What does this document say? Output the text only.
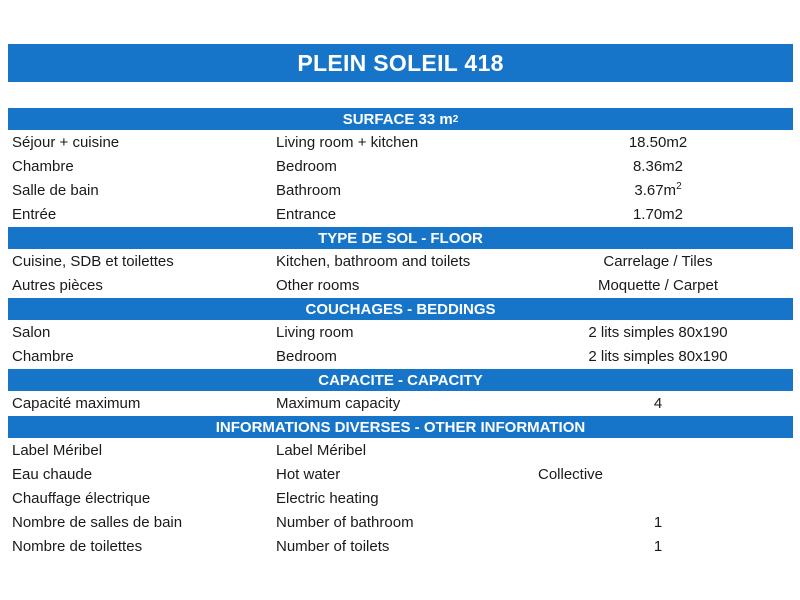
PLEIN SOLEIL 418
SURFACE 33 m 2
Séjour + cuisine	Living room + kitchen	18.50m2
Chambre	Bedroom	8.36m2
Salle de bain	Bathroom	$3.67m^2$
Entrée	Entrance	1.70m2
TYPE DE SOL - FLOOR
Cuisine, SDB et toilettes	Kitchen, bathroom and toilets	Carrelage / Tiles
Autres pièces	Other rooms	Moquette / Carpet
COUCHAGES - BEDDINGS
Salon	Living room	2 lits simples 80x190
Chambre	Bedroom	2 lits simples 80x190
CAPACITE - CAPACITY
Capacité maximum	Maximum capacity	4
INFORMATIONS DIVERSES - OTHER INFORMATION
Label Méribel	Label Méribel
Eau chaude	Hot water	Collective
Chauffage électrique	Electric heating
Nombre de salles de bain	Number of bathroom	1
Nombre de toilettes	Number of toilets	1
